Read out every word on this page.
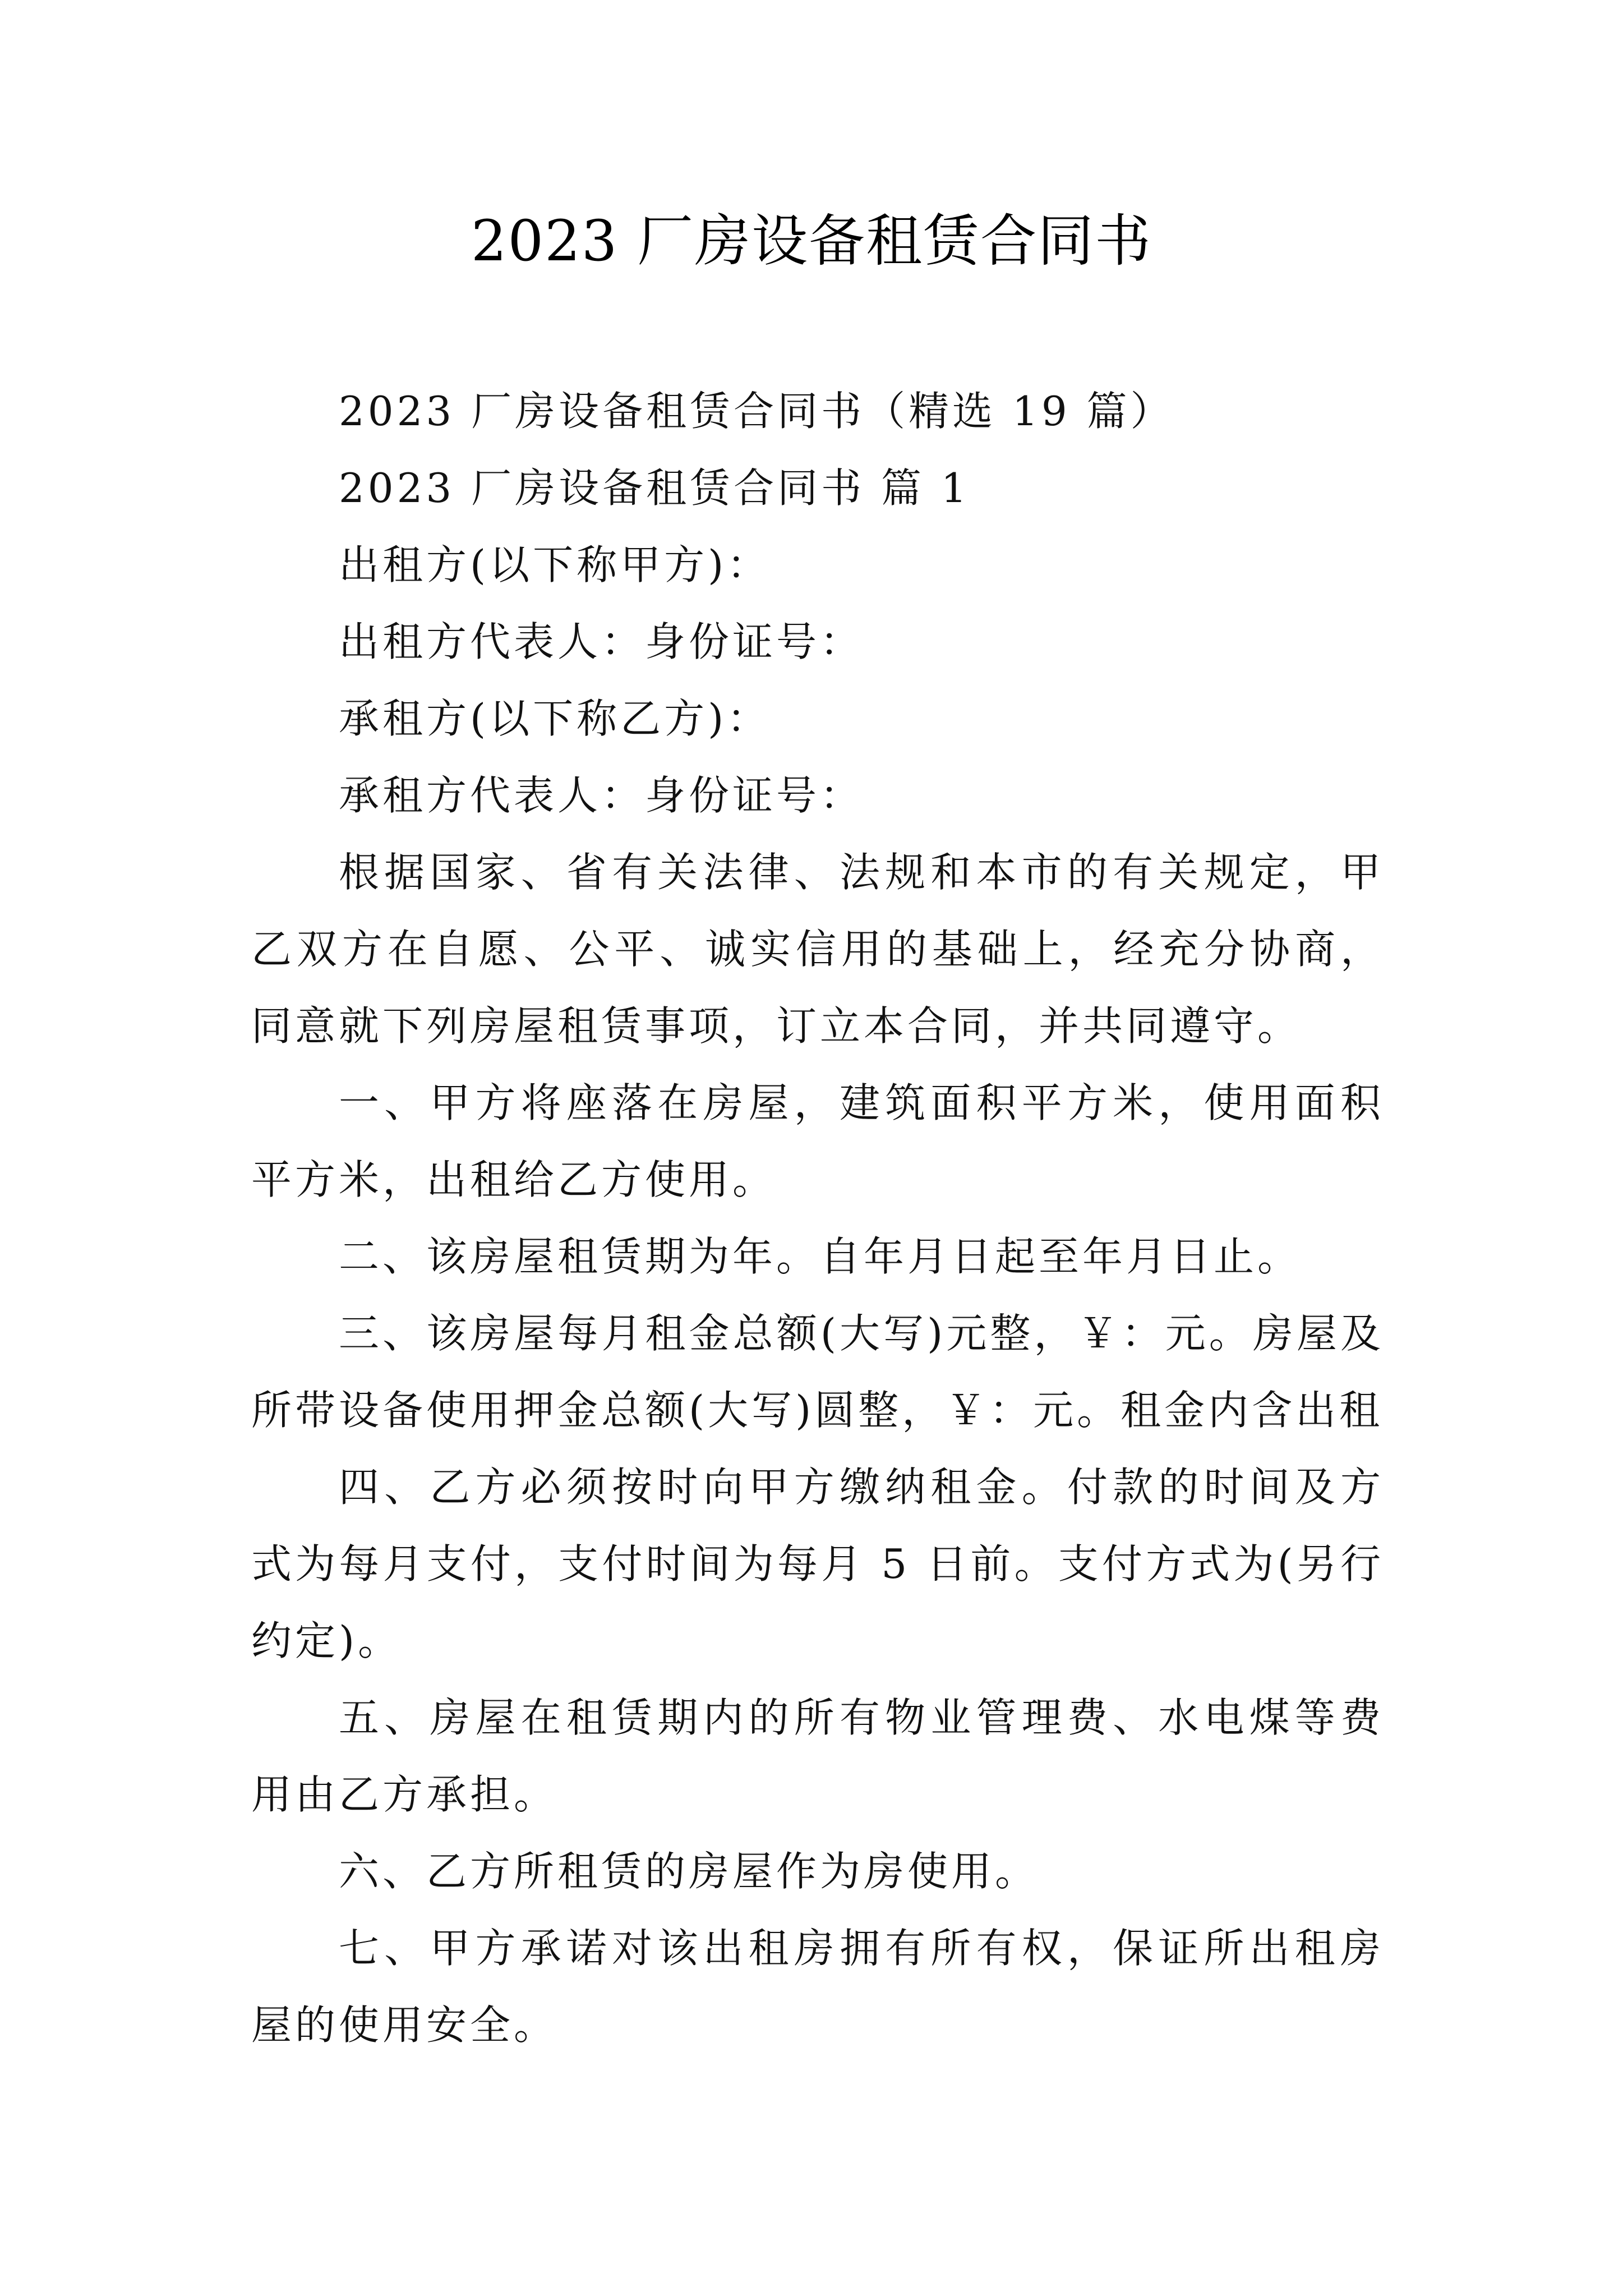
2023 厂房设备租赁合同书

2023 厂房设备租赁合同书（精选 19 篇）

2023 厂房设备租赁合同书 篇 1

出租方(以下称甲方)：

出租方代表人：身份证号：

承租方(以下称乙方)：

承租方代表人：身份证号：

根据国家、省有关法律、法规和本市的有关规定，甲乙双方在自愿、公平、诚实信用的基础上，经充分协商，同意就下列房屋租赁事项，订立本合同，并共同遵守。

一、甲方将座落在房屋，建筑面积平方米，使用面积平方米，出租给乙方使用。

二、该房屋租赁期为年。自年月日起至年月日止。

三、该房屋每月租金总额(大写)元整，￥：元。房屋及所带设备使用押金总额(大写)圆整，￥：元。租金内含出租

四、乙方必须按时向甲方缴纳租金。付款的时间及方式为每月支付，支付时间为每月 5 日前。支付方式为(另行约定)。

五、房屋在租赁期内的所有物业管理费、水电煤等费用由乙方承担。

六、乙方所租赁的房屋作为房使用。

七、甲方承诺对该出租房拥有所有权，保证所出租房屋的使用安全。
